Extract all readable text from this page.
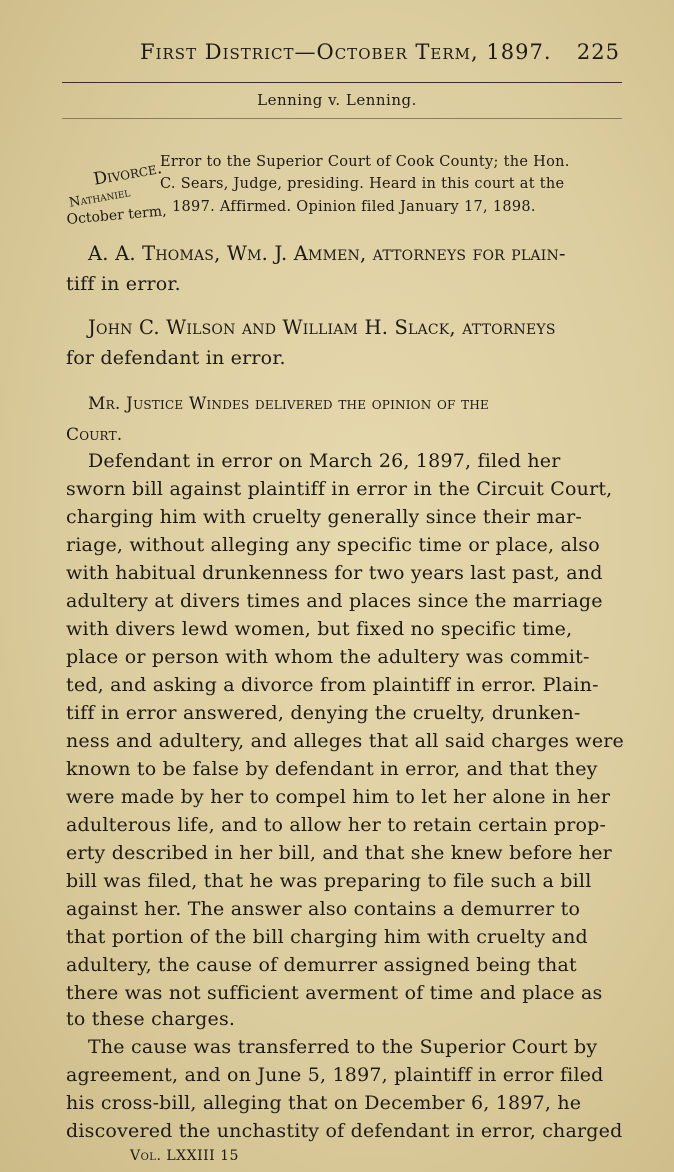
First District—October Term, 1897. 225

Lenning v. Lenning.

Divorce.

Nathaniel

October term,

Error to the Superior Court of Cook County; the Hon.

C. Sears, Judge, presiding. Heard in this court at the

1897. Affirmed. Opinion filed January 17, 1898.

A. A. Thomas, Wm. J. Ammen, attorneys for plain-

tiff in error.

John C. Wilson and William H. Slack, attorneys

for defendant in error.

Mr. Justice Windes delivered the opinion of the

Court.

Defendant in error on March 26, 1897, filed her

sworn bill against plaintiff in error in the Circuit Court,

charging him with cruelty generally since their mar-

riage, without alleging any specific time or place, also

with habitual drunkenness for two years last past, and

adultery at divers times and places since the marriage

with divers lewd women, but fixed no specific time,

place or person with whom the adultery was commit-

ted, and asking a divorce from plaintiff in error. Plain-

tiff in error answered, denying the cruelty, drunken-

ness and adultery, and alleges that all said charges were

known to be false by defendant in error, and that they

were made by her to compel him to let her alone in her

adulterous life, and to allow her to retain certain prop-

erty described in her bill, and that she knew before her

bill was filed, that he was preparing to file such a bill

against her. The answer also contains a demurrer to

that portion of the bill charging him with cruelty and

adultery, the cause of demurrer assigned being that

there was not sufficient averment of time and place as

to these charges.

The cause was transferred to the Superior Court by

agreement, and on June 5, 1897, plaintiff in error filed

his cross-bill, alleging that on December 6, 1897, he

discovered the unchastity of defendant in error, charged

Vol. LXXIII 15
